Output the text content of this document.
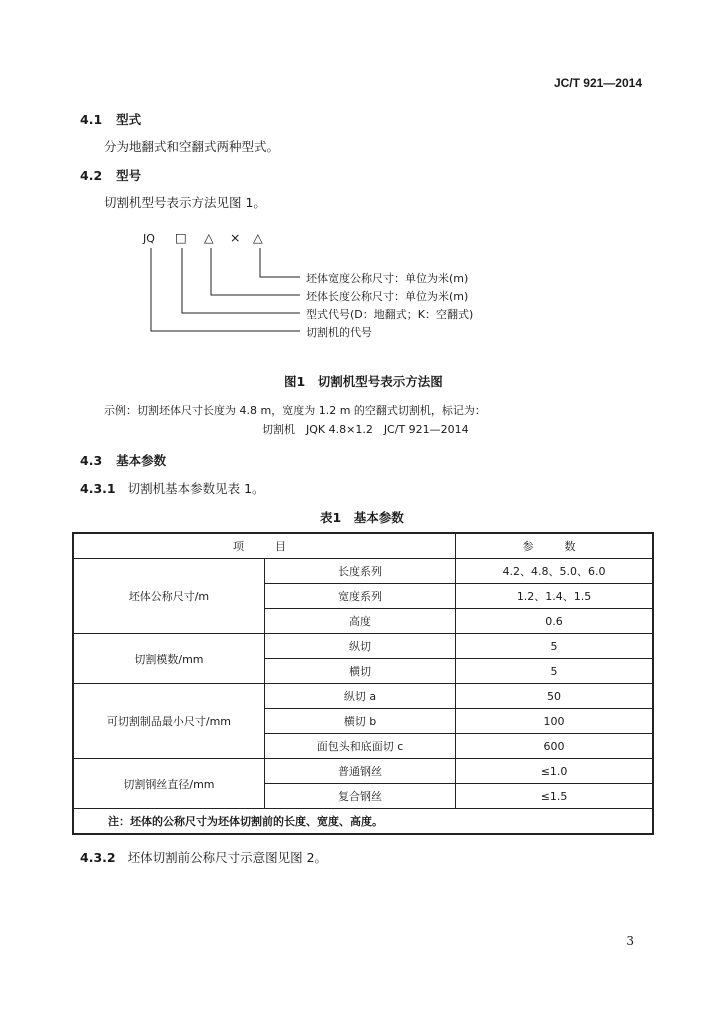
JC/T 921—2014
4.1 型式
分为地翻式和空翻式两种型式。
4.2 型号
切割机型号表示方法见图 1。
JQ □ △ × △
坯体宽度公称尺寸：单位为米(m)
坯体长度公称尺寸：单位为米(m)
型式代号(D：地翻式；K：空翻式)
切割机的代号
图1　切割机型号表示方法图
示例：切割坯体尺寸长度为 4.8 m，宽度为 1.2 m 的空翻式切割机，标记为：
切割机　JQK 4.8×1.2　JC/T 921—2014
4.3 基本参数
4.3.1 切割机基本参数见表 1。
表1　基本参数
项　目		参　数
坯体公称尺寸/m	长度系列	4.2、4.8、5.0、6.0
	宽度系列	1.2、1.4、1.5
	高度	0.6
切割模数/mm	纵切	5
	横切	5
可切割制品最小尺寸/mm	纵切 a	50
	横切 b	100
	面包头和底面切 c	600
切割钢丝直径/mm	普通钢丝	≤1.0
	复合钢丝	≤1.5
注：坯体的公称尺寸为坯体切割前的长度、宽度、高度。		
4.3.2 坯体切割前公称尺寸示意图见图 2。
3
